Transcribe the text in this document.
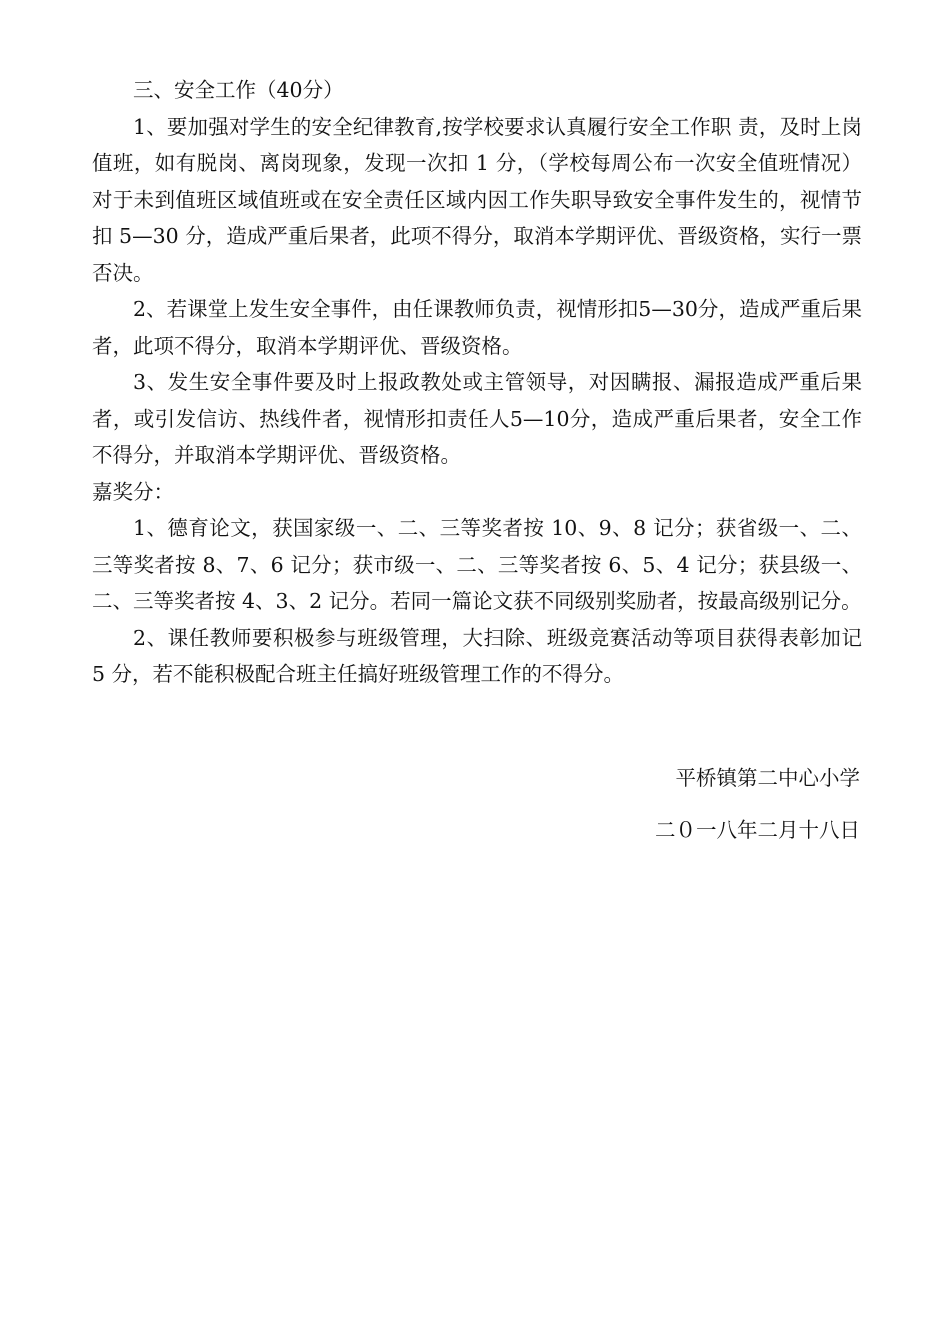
三、安全工作（40分）

1、要加强对学生的安全纪律教育,按学校要求认真履行安全工作职 责，及时上岗值班，如有脱岗、离岗现象，发现一次扣 1 分，（学校每周公布一次安全值班情况）对于未到值班区域值班或在安全责任区域内因工作失职导致安全事件发生的，视情节扣 5—30 分，造成严重后果者，此项不得分，取消本学期评优、晋级资格，实行一票否决。

2、若课堂上发生安全事件，由任课教师负责，视情形扣5—30分，造成严重后果者，此项不得分，取消本学期评优、晋级资格。

3、发生安全事件要及时上报政教处或主管领导，对因瞒报、漏报造成严重后果者，或引发信访、热线件者，视情形扣责任人5—10分，造成严重后果者，安全工作不得分，并取消本学期评优、晋级资格。

嘉奖分：

1、德育论文，获国家级一、二、三等奖者按 10、9、8 记分；获省级一、二、三等奖者按 8、7、6 记分；获市级一、二、三等奖者按 6、5、4 记分；获县级一、二、三等奖者按 4、3、2 记分。若同一篇论文获不同级别奖励者，按最高级别记分。

2、课任教师要积极参与班级管理，大扫除、班级竞赛活动等项目获得表彰加记 5 分，若不能积极配合班主任搞好班级管理工作的不得分。

平桥镇第二中心小学
二０一八年二月十八日
